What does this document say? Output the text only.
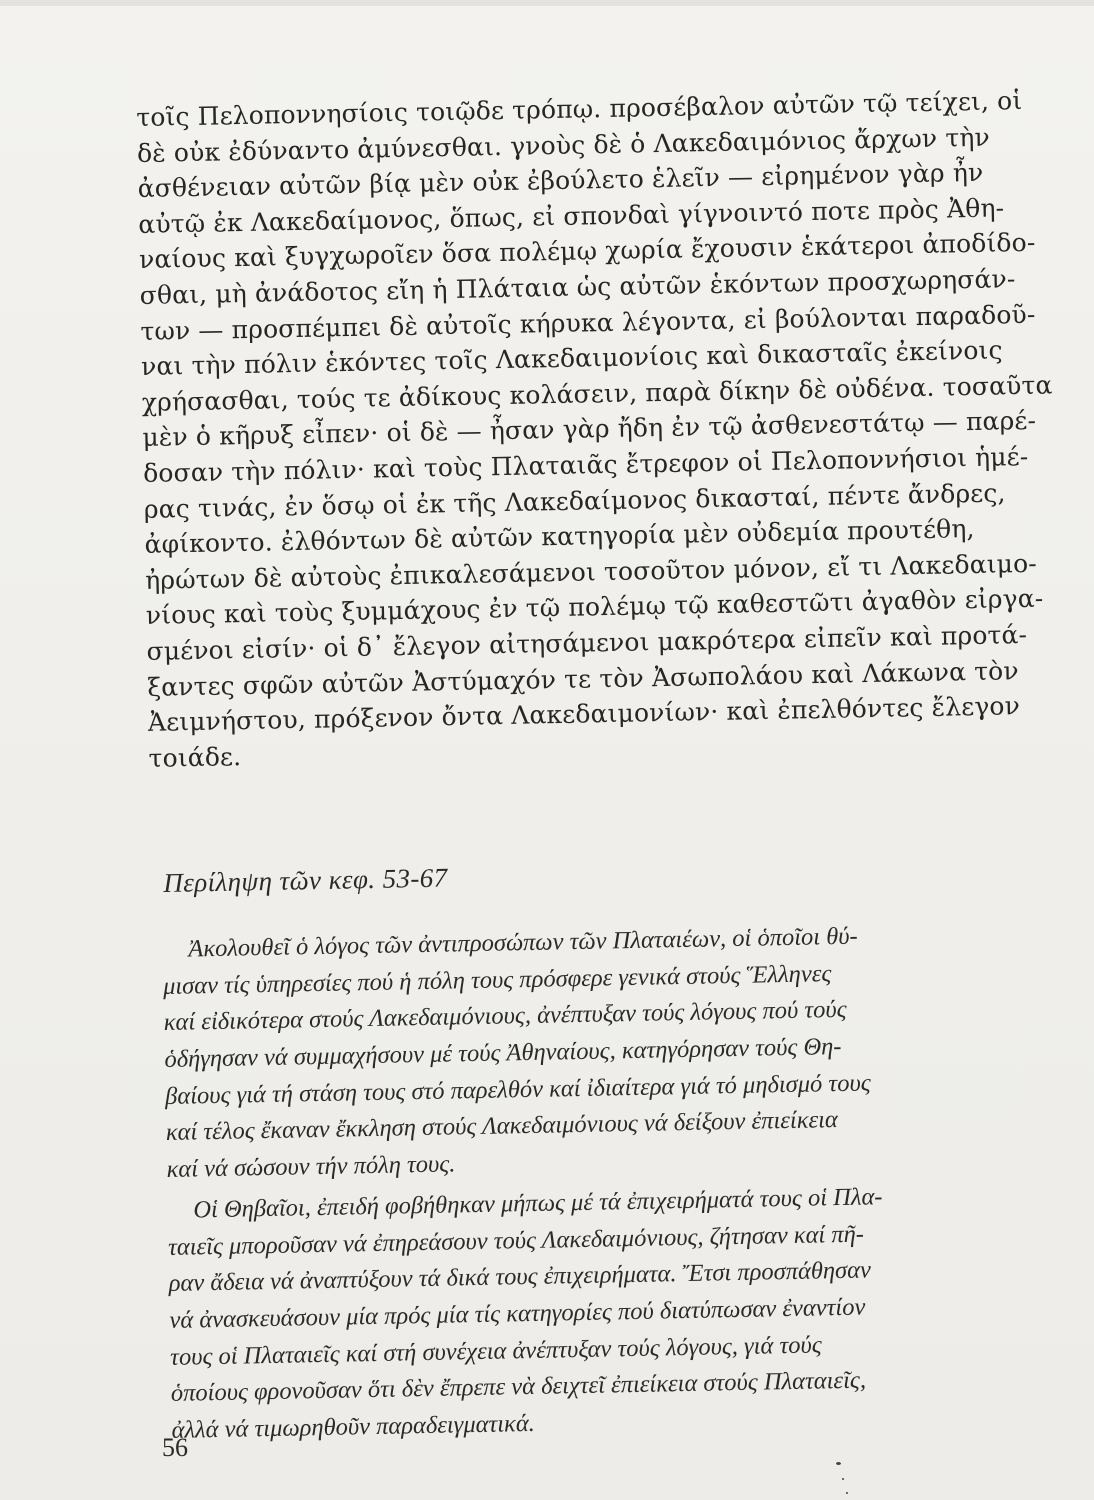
τοῖς Πελοποννησίοις τοιῷδε τρόπῳ. προσέβαλον αὐτῶν τῷ τείχει, οἱ
δὲ οὐκ ἐδύναντο ἀμύνεσθαι. γνοὺς δὲ ὁ Λακεδαιμόνιος ἄρχων τὴν
ἀσθένειαν αὐτῶν βίᾳ μὲν οὐκ ἐβούλετο ἑλεῖν — εἰρημένον γὰρ ἦν
αὐτῷ ἐκ Λακεδαίμονος, ὅπως, εἰ σπονδαὶ γίγνοιντό ποτε πρὸς Ἀθη-
ναίους καὶ ξυγχωροῖεν ὅσα πολέμῳ χωρία ἔχουσιν ἑκάτεροι ἀποδίδο-
σθαι, μὴ ἀνάδοτος εἴη ἡ Πλάταια ὡς αὐτῶν ἑκόντων προσχωρησάν-
των — προσπέμπει δὲ αὐτοῖς κήρυκα λέγοντα, εἰ βούλονται παραδοῦ-
ναι τὴν πόλιν ἑκόντες τοῖς Λακεδαιμονίοις καὶ δικασταῖς ἐκείνοις
χρήσασθαι, τούς τε ἀδίκους κολάσειν, παρὰ δίκην δὲ οὐδένα. τοσαῦτα
μὲν ὁ κῆρυξ εἶπεν· οἱ δὲ — ἦσαν γὰρ ἤδη ἐν τῷ ἀσθενεστάτῳ — παρέ-
δοσαν τὴν πόλιν· καὶ τοὺς Πλαταιᾶς ἔτρεφον οἱ Πελοποννήσιοι ἡμέ-
ρας τινάς, ἐν ὅσῳ οἱ ἐκ τῆς Λακεδαίμονος δικασταί, πέντε ἄνδρες,
ἀφίκοντο. ἐλθόντων δὲ αὐτῶν κατηγορία μὲν οὐδεμία προυτέθη,
ἠρώτων δὲ αὐτοὺς ἐπικαλεσάμενοι τοσοῦτον μόνον, εἴ τι Λακεδαιμο-
νίους καὶ τοὺς ξυμμάχους ἐν τῷ πολέμῳ τῷ καθεστῶτι ἀγαθὸν εἰργα-
σμένοι εἰσίν· οἱ δ᾿ ἔλεγον αἰτησάμενοι μακρότερα εἰπεῖν καὶ προτά-
ξαντες σφῶν αὐτῶν Ἀστύμαχόν τε τὸν Ἀσωπολάου καὶ Λάκωνα τὸν
Ἀειμνήστου, πρόξενον ὄντα Λακεδαιμονίων· καὶ ἐπελθόντες ἔλεγον
τοιάδε.
Περίληψη τῶν κεφ. 53-67
Ἀκολουθεῖ ὁ λόγος τῶν ἀντιπροσώπων τῶν Πλαταιέων, οἱ ὁποῖοι θύ-
μισαν τίς ὑπηρεσίες πού ἡ πόλη τους πρόσφερε γενικά στούς Ἕλληνες
καί εἰδικότερα στούς Λακεδαιμόνιους, ἀνέπτυξαν τούς λόγους πού τούς
ὁδήγησαν νά συμμαχήσουν μέ τούς Ἀθηναίους, κατηγόρησαν τούς Θη-
βαίους γιά τή στάση τους στό παρελθόν καί ἰδιαίτερα γιά τό μηδισμό τους
καί τέλος ἔκαναν ἔκκληση στούς Λακεδαιμόνιους νά δείξουν ἐπιείκεια
καί νά σώσουν τήν πόλη τους.
Οἱ Θηβαῖοι, ἐπειδή φοβήθηκαν μήπως μέ τά ἐπιχειρήματά τους οἱ Πλα-
ταιεῖς μποροῦσαν νά ἐπηρεάσουν τούς Λακεδαιμόνιους, ζήτησαν καί πῆ-
ραν ἄδεια νά ἀναπτύξουν τά δικά τους ἐπιχειρήματα. Ἔτσι προσπάθησαν
νά ἀνασκευάσουν μία πρός μία τίς κατηγορίες πού διατύπωσαν ἐναντίον
τους οἱ Πλαταιεῖς καί στή συνέχεια ἀνέπτυξαν τούς λόγους, γιά τούς
ὁποίους φρονοῦσαν ὅτι δὲν ἔπρεπε νὰ δειχτεῖ ἐπιείκεια στούς Πλαταιεῖς,
ἀλλά νά τιμωρηθοῦν παραδειγματικά.
56
